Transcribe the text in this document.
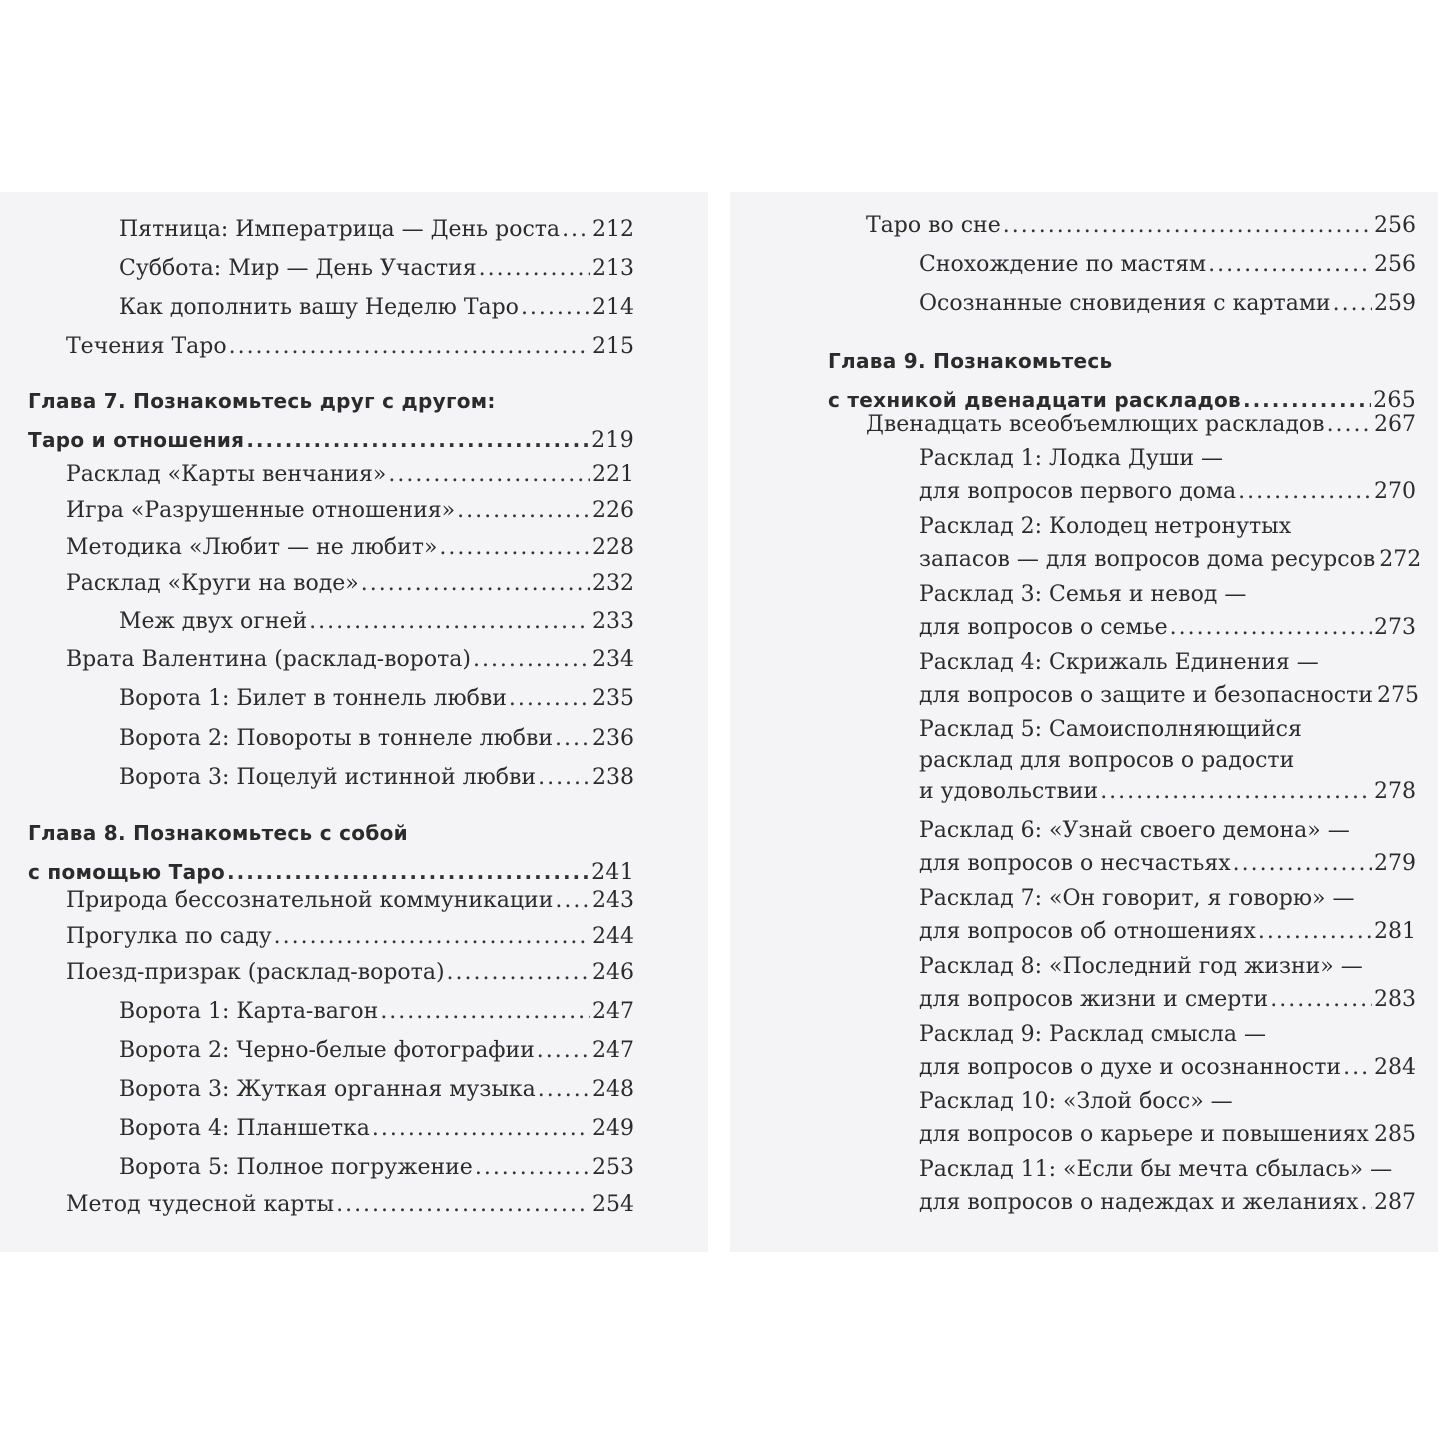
Пятница: Императрица — День роста ..... 212
Суббота: Мир — День Участия .....	213
Как дополнить вашу Неделю Таро .....	214
Течения Таро .....	215
Глава 7. Познакомьтесь друг с другом:
Таро и отношения .....	219
Расклад «Карты венчания» .....	221
Игра «Разрушенные отношения» .....	226
Методика «Любит — не любит» .....	228
Расклад «Круги на воде» .....	232
Меж двух огней .....	233
Врата Валентина (расклад-ворота) .....	234
Ворота 1: Билет в тоннель любви .....	235
Ворота 2: Повороты в тоннеле любви ..... 236
Ворота 3: Поцелуй истинной любви .....	238
Глава 8. Познакомьтесь с собой
с помощью Таро .....	241
Природа бессознательной коммуникации ..... 243
Прогулка по саду .....	244
Поезд-призрак (расклад-ворота) .....	246
Ворота 1: Карта-вагон .....	247
Ворота 2: Черно-белые фотографии .....	247
Ворота 3: Жуткая органная музыка .....	248
Ворота 4: Планшетка .....	249
Ворота 5: Полное погружение .....	253
Метод чудесной карты .....	254
Таро во сне .....	256
Снохождение по мастям .....	256
Осознанные сновидения с картами ..... 259
Глава 9. Познакомьтесь
с техникой двенадцати раскладов .....	265
Двенадцать всеобъемлющих раскладов ..... 267
Расклад 1: Лодка Души —
для вопросов первого дома .....	270
Расклад 2: Колодец нетронутых
запасов — для вопросов дома ресурсов 272
Расклад 3: Семья и невод —
для вопросов о семье .....	273
Расклад 4: Скрижаль Единения —
для вопросов о защите и безопасности 275
Расклад 5: Самоисполняющийся
расклад для вопросов о радости
и удовольствии .....	278
Расклад 6: «Узнай своего демона» —
для вопросов о несчастьях .....	279
Расклад 7: «Он говорит, я говорю» —
для вопросов об отношениях .....	281
Расклад 8: «Последний год жизни» —
для вопросов жизни и смерти .....	283
Расклад 9: Расклад смысла —
для вопросов о духе и осознанности ..... 284
Расклад 10: «Злой босс» —
для вопросов о карьере и повышениях ..... 285
Расклад 11: «Если бы мечта сбылась» —
для вопросов о надеждах и желаниях ..... 287
